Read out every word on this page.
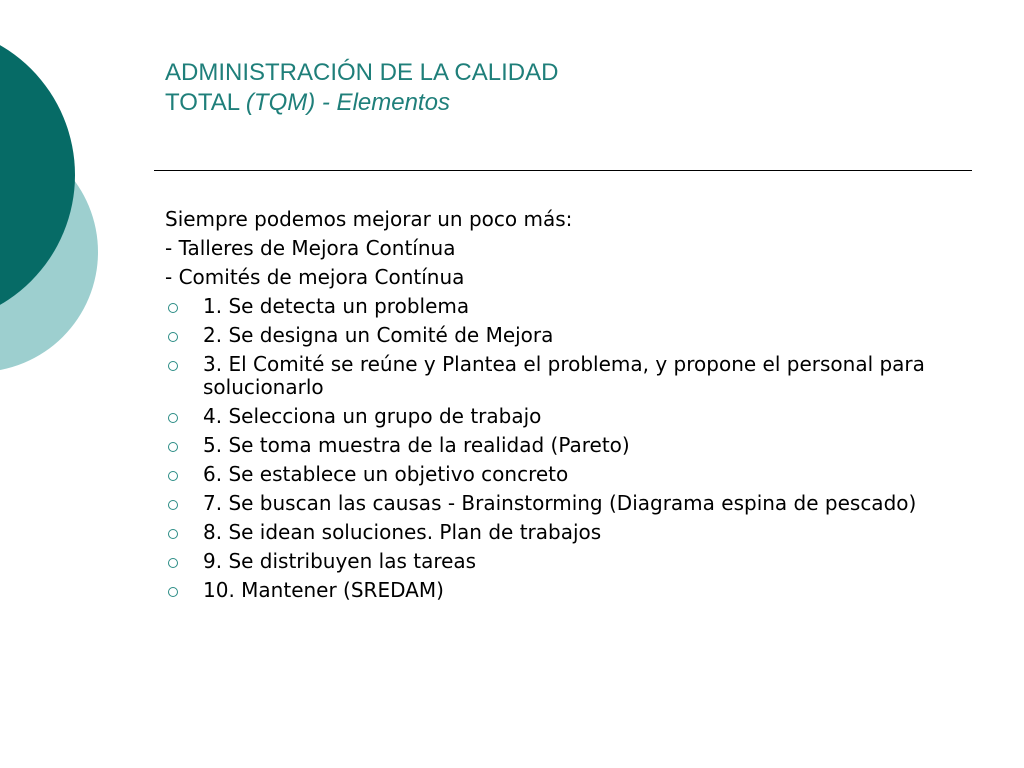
ADMINISTRACIÓN DE LA CALIDAD
TOTAL (TQM) - Elementos
Siempre podemos mejorar un poco más:
- Talleres de Mejora Contínua
- Comités de mejora Contínua
1. Se detecta un problema
2. Se designa un Comité de Mejora
3. El Comité se reúne y Plantea el problema, y propone el personal para solucionarlo
4. Selecciona un grupo de trabajo
5. Se toma muestra de la realidad (Pareto)
6. Se establece un objetivo concreto
7. Se buscan las causas - Brainstorming (Diagrama espina de pescado)
8. Se idean soluciones. Plan de trabajos
9. Se distribuyen las tareas
10. Mantener (SREDAM)
